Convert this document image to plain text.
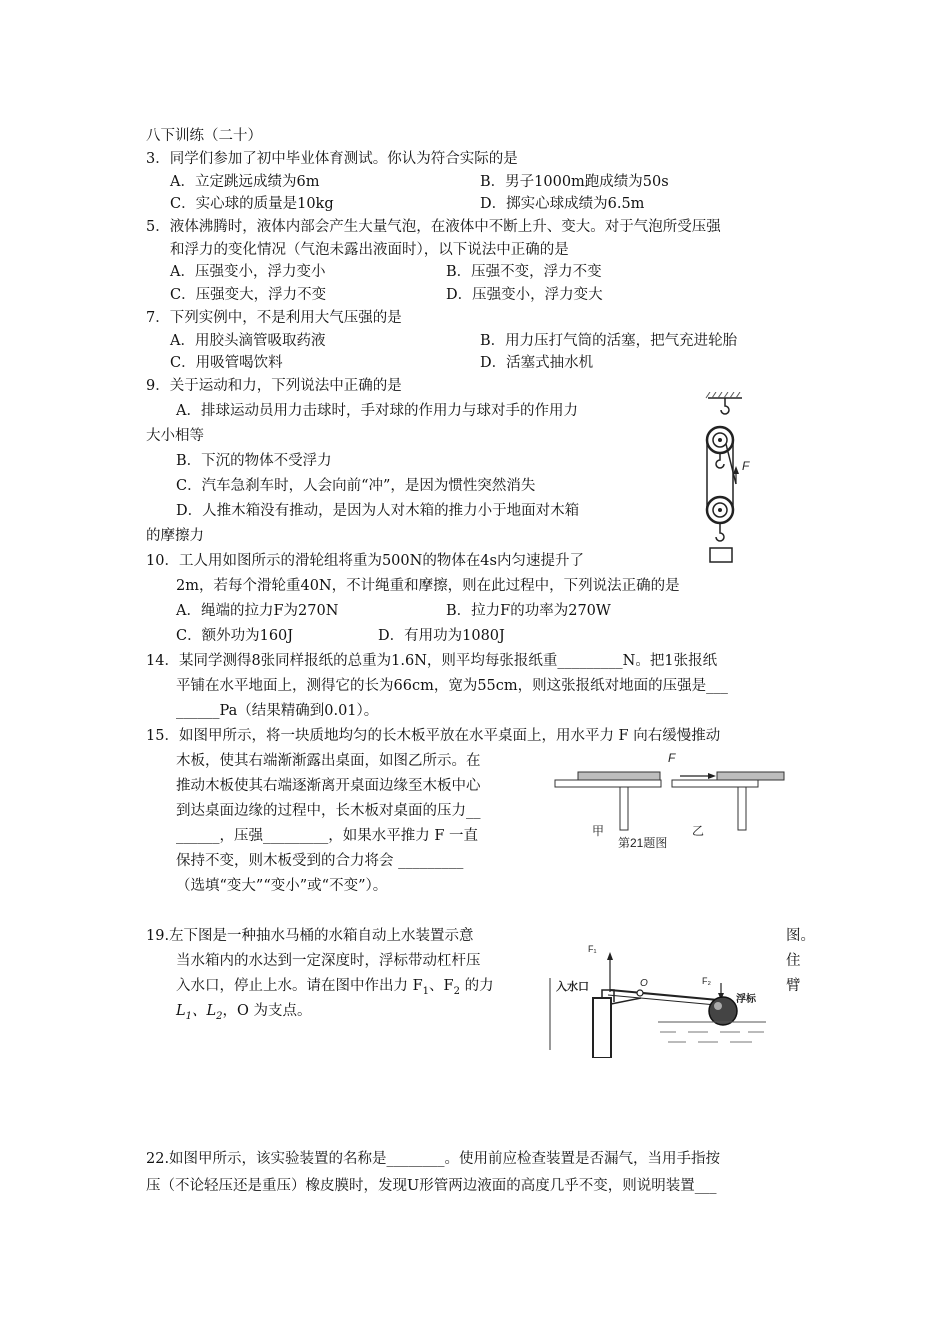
八下训练（二十）
3．同学们参加了初中毕业体育测试。你认为符合实际的是
A．立定跳远成绩为6m	B．男子1000m跑成绩为50s
C．实心球的质量是10kg	D．掷实心球成绩为6.5m
5．液体沸腾时，液体内部会产生大量气泡，在液体中不断上升、变大。对于气泡所受压强
和浮力的变化情况（气泡未露出液面时），以下说法中正确的是
A．压强变小，浮力变小	B．压强不变，浮力不变
C．压强变大，浮力不变	D．压强变小，浮力变大
7．下列实例中，不是利用大气压强的是
A．用胶头滴管吸取药液	B．用力压打气筒的活塞，把气充进轮胎
C．用吸管喝饮料	D．活塞式抽水机
9．关于运动和力，下列说法中正确的是
A．排球运动员用力击球时，手对球的作用力与球对手的作用力
大小相等
B．下沉的物体不受浮力
C．汽车急刹车时，人会向前“冲”，是因为惯性突然消失
D．人推木箱没有推动，是因为人对木箱的推力小于地面对木箱
的摩擦力
F
10．工人用如图所示的滑轮组将重为500N的物体在4s内匀速提升了
2m，若每个滑轮重40N，不计绳重和摩擦，则在此过程中，下列说法正确的是
A．绳端的拉力F为270N	B．拉力F的功率为270W
C．额外功为160J	D．有用功为1080J
14．某同学测得8张同样报纸的总重为1.6N，则平均每张报纸重_________N。把1张报纸
平铺在水平地面上，测得它的长为66cm，宽为55cm，则这张报纸对地面的压强是___
______Pa（结果精确到0.01）。
15．如图甲所示，将一块质地均匀的长木板平放在水平桌面上，用水平力 F 向右缓慢推动
木板，使其右端渐渐露出桌面，如图乙所示。在
推动木板使其右端逐渐离开桌面边缘至木板中心
到达桌面边缘的过程中，长木板对桌面的压力__
______，压强_________，如果水平推力 F 一直
保持不变，则木板受到的合力将会 _________
（选填“变大”“变小”或“不变”）。
F
甲	乙
第21题图
19.左下图是一种抽水马桶的水箱自动上水装置示意	图。
当水箱内的水达到一定深度时，浮标带动杠杆压	住
入水口，停止上水。请在图中作出力 $F_1$、$F_2$ 的力	臂
$L_1$、$L_2$，O 为支点。
F₁
F₂
O
入水口
浮标
22.如图甲所示，该实验装置的名称是________。使用前应检查装置是否漏气，当用手指按
压（不论轻压还是重压）橡皮膜时，发现U形管两边液面的高度几乎不变，则说明装置___
